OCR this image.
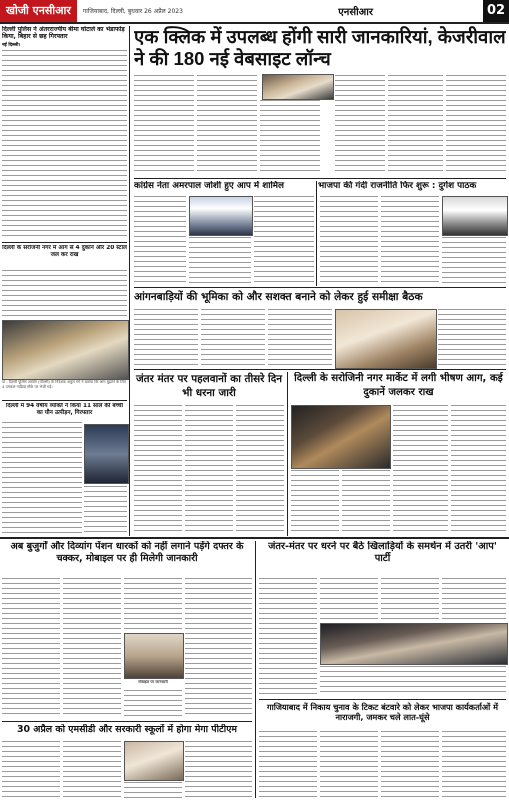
खोजी एनसीआर	गाजियाबाद, दिल्ली, बुधवार 26 अप्रैल 2023	एनसीआर	02
दिल्ली पुलिस ने अंतरराज्यीय बीमा घोटाले का भंडाफोड़ किया, बिहार से छह गिरफ्तार
नई दिल्ली।
दिल्ली के सरोजनी नगर में आग से 4 दुकानें और 20 स्टॉल जल कर राख
दो - दिल्ली पुलिस आयोग (पीएसी) के निदेशक अतुल गर्ग ने बताया कि आग बुझाने के लिए 4 दमकल गाड़ियां मौके पर भेजी गईं।
दिल्ली में 94 वर्षीय व्यक्ति ने किया 11 साल की बच्ची का यौन उत्पीड़न, गिरफ्तार
एक क्लिक में उपलब्ध होंगी सारी जानकारियां, केजरीवाल ने की 180 नई वेबसाइट लॉन्च
कांग्रेस नेता अमरपाल जोशी हुए आप में शामिल	भाजपा की गंदी राजनीति फिर शुरू : दुर्गेश पाठक
आंगनबाड़ियों की भूमिका को और सशक्त बनाने को लेकर हुई समीक्षा बैठक
जंतर मंतर पर पहलवानों का तीसरे दिन भी धरना जारी
दिल्ली के सरोजिनी नगर मार्केट में लगी भीषण आग, कई दुकानें जलकर राख
अब बुजुर्गों और दिव्यांग पेंशन धारकों को नहीं लगाने पड़ेंगे दफ्तर के चक्कर, मोबाइल पर ही मिलेगी जानकारी
मोबाइल पर जानकारी
30 अप्रैल को एमसीडी और सरकारी स्कूलों में होगा मेगा पीटीएम
जंतर-मंतर पर धरने पर बैठे खिलाड़ियों के समर्थन में उतरी 'आप' पार्टी
गाजियाबाद में निकाय चुनाव के टिकट बंटवारे को लेकर भाजपा कार्यकर्ताओं में नाराजगी, जमकर चले लात-घूंसे
